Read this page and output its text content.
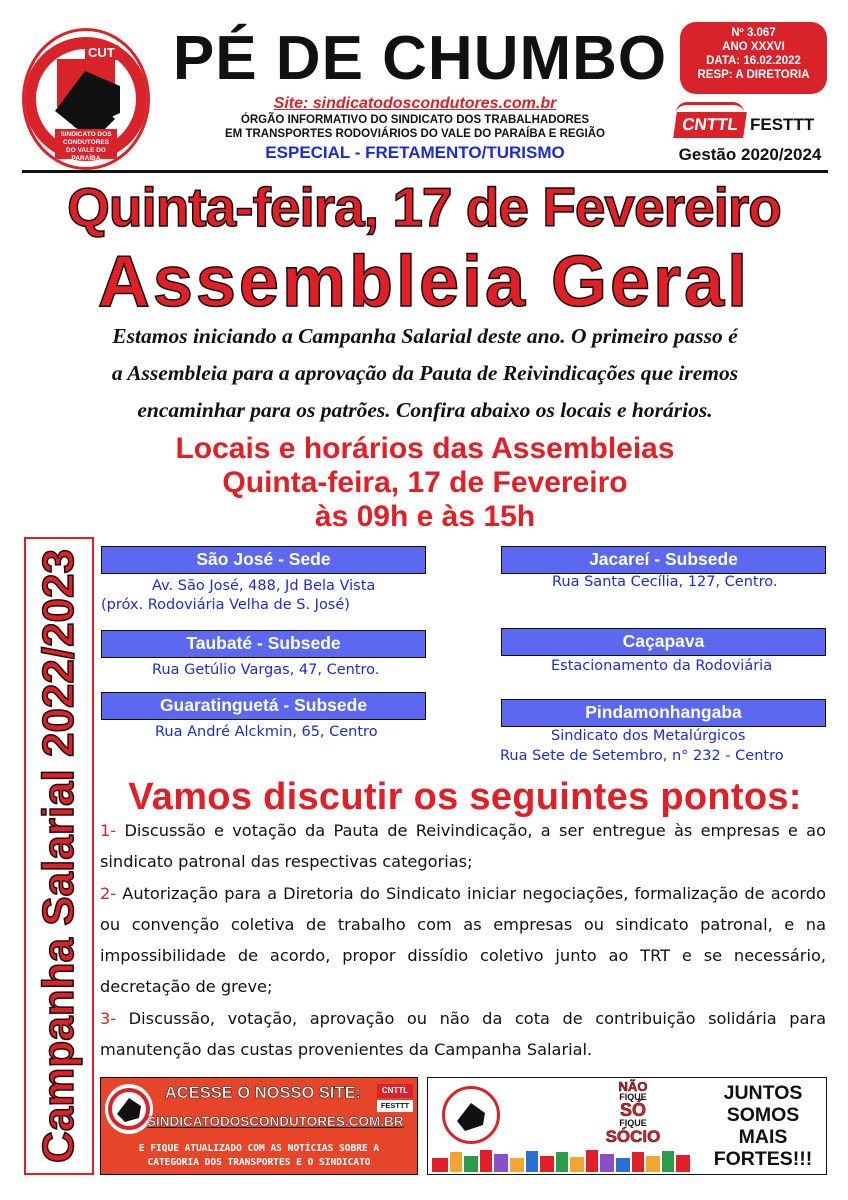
CUT
SINDICATO DOS
CONDUTORES
DO VALE DO PARAÍBA
PÉ DE CHUMBO
Site: sindicatodoscondutores.com.br
ÓRGÃO INFORMATIVO DO SINDICATO DOS TRABALHADORES
EM TRANSPORTES RODOVIÁRIOS DO VALE DO PARAÍBA E REGIÃO
ESPECIAL - FRETAMENTO/TURISMO
Nº 3.067
ANO XXXVI
DATA: 16.02.2022
RESP: A DIRETORIA
CNTTL FESTTT
Gestão 2020/2024
Quinta-feira, 17 de Fevereiro
Assembleia Geral
Estamos iniciando a Campanha Salarial deste ano. O primeiro passo é
a Assembleia para a aprovação da Pauta de Reivindicações que iremos
encaminhar para os patrões. Confira abaixo os locais e horários.
Locais e horários das Assembleias
Quinta-feira, 17 de Fevereiro
às 09h e às 15h
Campanha Salarial 2022/2023	São José - Sede
Av. São José, 488, Jd Bela Vista
(próx. Rodoviária Velha de S. José)
Jacareí - Subsede
Rua Santa Cecília, 127, Centro.
Taubaté - Subsede
Rua Getúlio Vargas, 47, Centro.
Caçapava
Estacionamento da Rodoviária
Guaratinguetá - Subsede
Rua André Alckmin, 65, Centro
Pindamonhangaba
Sindicato dos Metalúrgicos
Rua Sete de Setembro, n° 232 - Centro
Vamos discutir os seguintes pontos:

1- Discussão e votação da Pauta de Reivindicação, a ser entregue às empresas e ao sindicato patronal das respectivas categorias;

2- Autorização para a Diretoria do Sindicato iniciar negociações, formalização de acordo ou convenção coletiva de trabalho com as empresas ou sindicato patronal, e na impossibilidade de acordo, propor dissídio coletivo junto ao TRT e se necessário, decretação de greve;

3- Discussão, votação, aprovação ou não da cota de contribuição solidária para manutenção das custas provenientes da Campanha Salarial.

ACESSE O NOSSO SITE:	CNTTL
FESTTT
SINDICATODOSCONDUTORES.COM.BR
E FIQUE ATUALIZADO COM AS NOTÍCIAS SOBRE A
CATEGORIA DOS TRANSPORTES E O SINDICATO
NÃO
FIQUE
SÓ
FIQUE
SÓCIO
JUNTOS
SOMOS
MAIS
FORTES!!!
